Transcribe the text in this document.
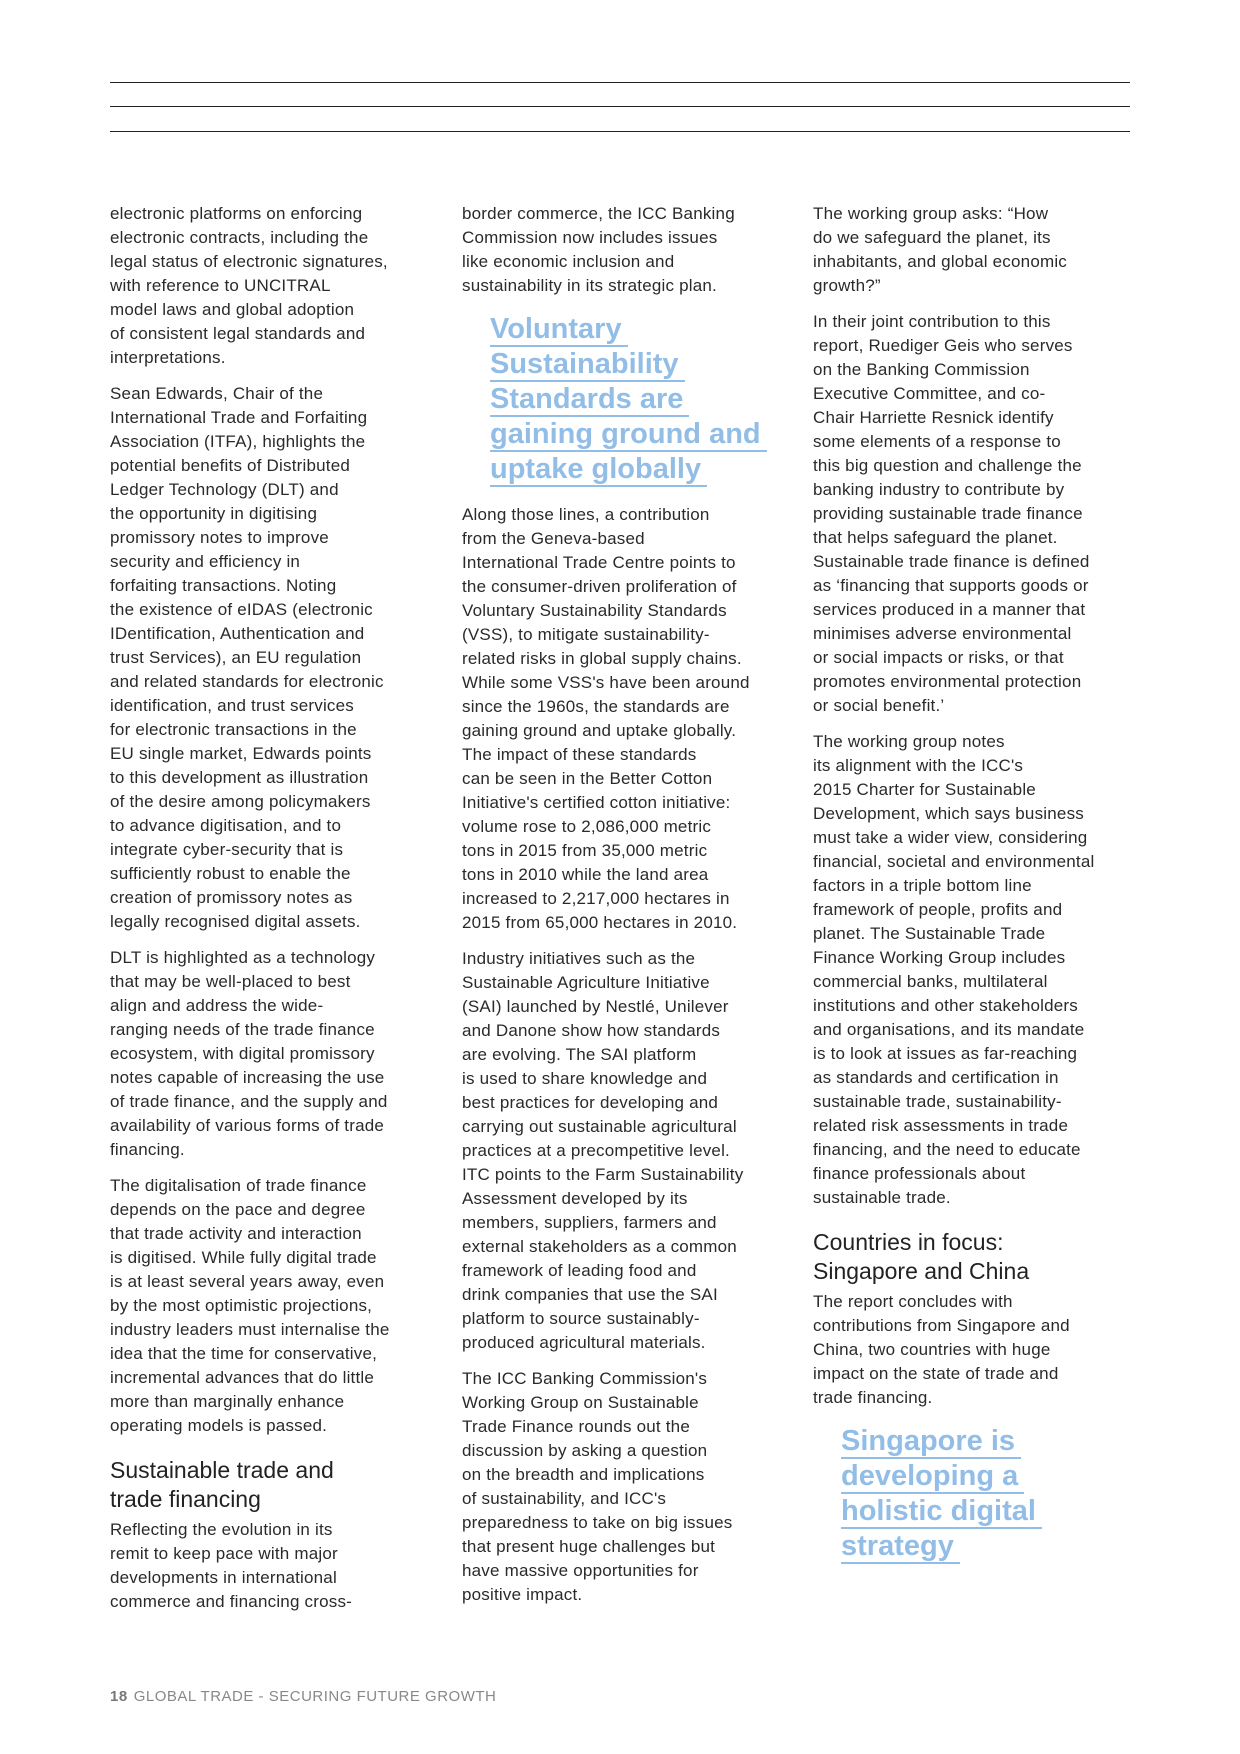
electronic platforms on enforcing
electronic contracts, including the
legal status of electronic signatures,
with reference to UNCITRAL
model laws and global adoption
of consistent legal standards and
interpretations.
Sean Edwards, Chair of the
International Trade and Forfaiting
Association (ITFA), highlights the
potential benefits of Distributed
Ledger Technology (DLT) and
the opportunity in digitising
promissory notes to improve
security and efficiency in
forfaiting transactions. Noting
the existence of eIDAS (electronic
IDentification, Authentication and
trust Services), an EU regulation
and related standards for electronic
identification, and trust services
for electronic transactions in the
EU single market, Edwards points
to this development as illustration
of the desire among policymakers
to advance digitisation, and to
integrate cyber-security that is
sufficiently robust to enable the
creation of promissory notes as
legally recognised digital assets.
DLT is highlighted as a technology
that may be well-placed to best
align and address the wide-
ranging needs of the trade finance
ecosystem, with digital promissory
notes capable of increasing the use
of trade finance, and the supply and
availability of various forms of trade
financing.
The digitalisation of trade finance
depends on the pace and degree
that trade activity and interaction
is digitised. While fully digital trade
is at least several years away, even
by the most optimistic projections,
industry leaders must internalise the
idea that the time for conservative,
incremental advances that do little
more than marginally enhance
operating models is passed.
Sustainable trade and
trade financing
Reflecting the evolution in its
remit to keep pace with major
developments in international
commerce and financing cross-
border commerce, the ICC Banking
Commission now includes issues
like economic inclusion and
sustainability in its strategic plan.
Voluntary
Sustainability
Standards are
gaining ground and
uptake globally
Along those lines, a contribution
from the Geneva-based
International Trade Centre points to
the consumer-driven proliferation of
Voluntary Sustainability Standards
(VSS), to mitigate sustainability-
related risks in global supply chains.
While some VSS's have been around
since the 1960s, the standards are
gaining ground and uptake globally.
The impact of these standards
can be seen in the Better Cotton
Initiative's certified cotton initiative:
volume rose to 2,086,000 metric
tons in 2015 from 35,000 metric
tons in 2010 while the land area
increased to 2,217,000 hectares in
2015 from 65,000 hectares in 2010.
Industry initiatives such as the
Sustainable Agriculture Initiative
(SAI) launched by Nestlé, Unilever
and Danone show how standards
are evolving. The SAI platform
is used to share knowledge and
best practices for developing and
carrying out sustainable agricultural
practices at a precompetitive level.
ITC points to the Farm Sustainability
Assessment developed by its
members, suppliers, farmers and
external stakeholders as a common
framework of leading food and
drink companies that use the SAI
platform to source sustainably-
produced agricultural materials.
The ICC Banking Commission's
Working Group on Sustainable
Trade Finance rounds out the
discussion by asking a question
on the breadth and implications
of sustainability, and ICC's
preparedness to take on big issues
that present huge challenges but
have massive opportunities for
positive impact.
The working group asks: “How
do we safeguard the planet, its
inhabitants, and global economic
growth?”
In their joint contribution to this
report, Ruediger Geis who serves
on the Banking Commission
Executive Committee, and co-
Chair Harriette Resnick identify
some elements of a response to
this big question and challenge the
banking industry to contribute by
providing sustainable trade finance
that helps safeguard the planet.
Sustainable trade finance is defined
as ‘financing that supports goods or
services produced in a manner that
minimises adverse environmental
or social impacts or risks, or that
promotes environmental protection
or social benefit.’
The working group notes
its alignment with the ICC's
2015 Charter for Sustainable
Development, which says business
must take a wider view, considering
financial, societal and environmental
factors in a triple bottom line
framework of people, profits and
planet. The Sustainable Trade
Finance Working Group includes
commercial banks, multilateral
institutions and other stakeholders
and organisations, and its mandate
is to look at issues as far-reaching
as standards and certification in
sustainable trade, sustainability-
related risk assessments in trade
financing, and the need to educate
finance professionals about
sustainable trade.
Countries in focus:
Singapore and China
The report concludes with
contributions from Singapore and
China, two countries with huge
impact on the state of trade and
trade financing.
Singapore is
developing a
holistic digital
strategy
18 GLOBAL TRADE - SECURING FUTURE GROWTH
